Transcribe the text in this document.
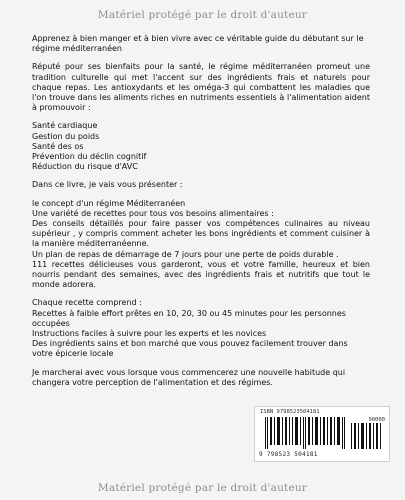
Matériel protégé par le droit d'auteur

Apprenez à bien manger et à bien vivre avec ce véritable guide du débutant sur le régime méditerranéen

Réputé pour ses bienfaits pour la santé, le régime méditerranéen promeut une tradition culturelle qui met l'accent sur des ingrédients frais et naturels pour chaque repas. Les antioxydants et les oméga-3 qui combattent les maladies que l'on trouve dans les aliments riches en nutriments essentiels à l'alimentation aident à promouvoir :

Santé cardiaque

Gestion du poids

Santé des os

Prévention du déclin cognitif

Réduction du risque d'AVC

Dans ce livre, je vais vous présenter :

le concept d'un régime Méditerranéen

Une variété de recettes pour tous vos besoins alimentaires :

Des conseils détaillés pour faire passer vos compétences culinaires au niveau supérieur , y compris comment acheter les bons ingrédients et comment cuisiner à la manière méditerranéenne.

Un plan de repas de démarrage de 7 jours pour une perte de poids durable .

111 recettes délicieuses vous garderont, vous et votre famille, heureux et bien nourris pendant des semaines, avec des ingrédients frais et nutritifs que tout le monde adorera.

Chaque recette comprend :

Recettes à faible effort prêtes en 10, 20, 30 ou 45 minutes pour les personnes occupées

Instructions faciles à suivre pour les experts et les novices

Des ingrédients sains et bon marché que vous pouvez facilement trouver dans votre épicerie locale

Je marcherai avec vous lorsque vous commencerez une nouvelle habitude qui changera votre perception de l'alimentation et des régimes.

ISBN 9798523504181
90000
9 798523 504181
Matériel protégé par le droit d'auteur
